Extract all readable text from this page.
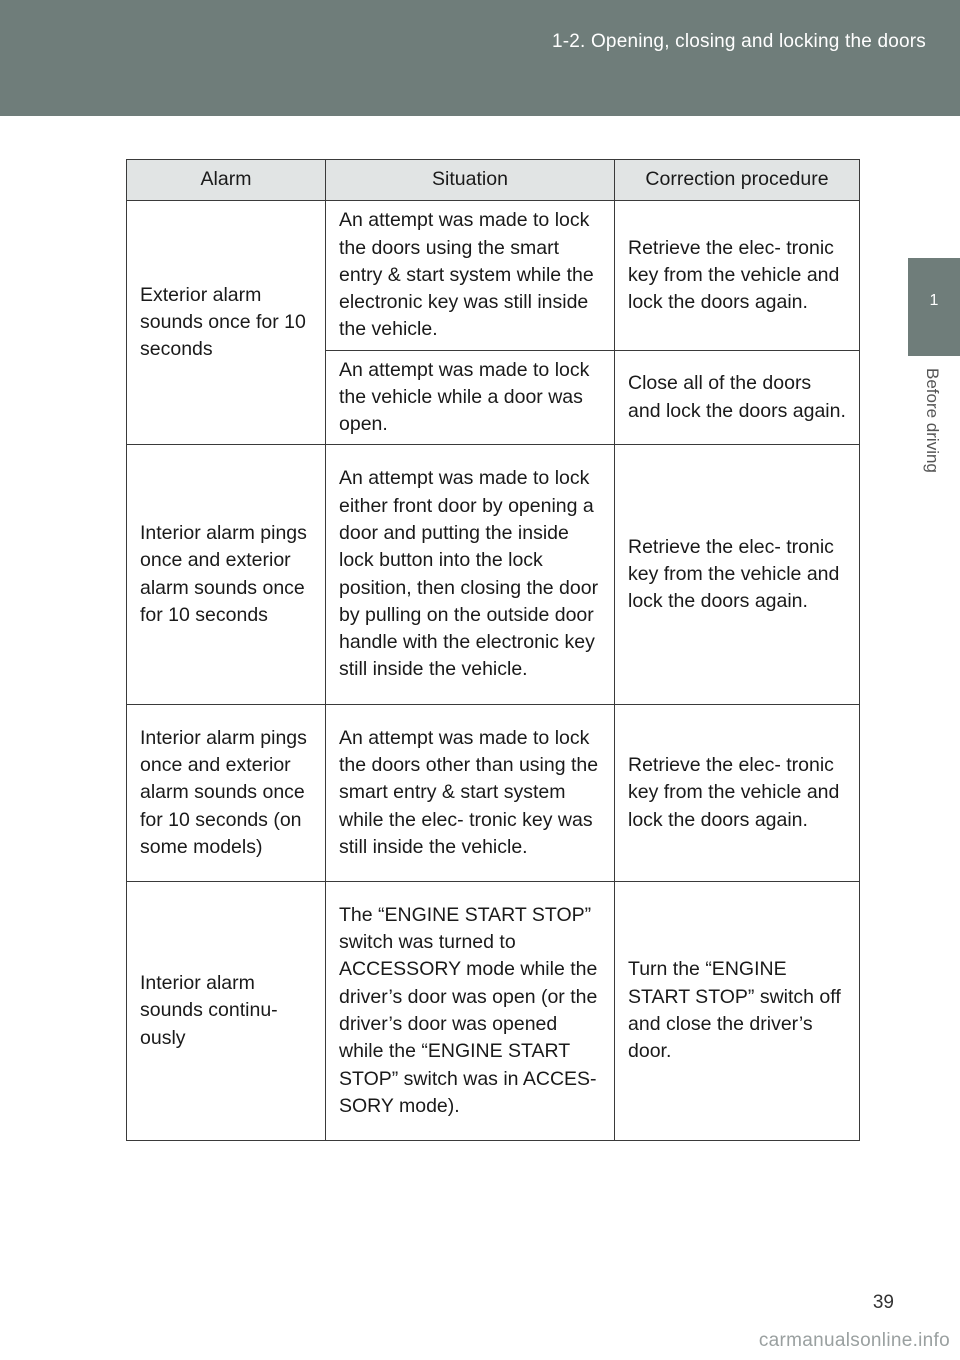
1-2. Opening, closing and locking the doors
1
Before driving
Alarm	Situation	Correction procedure
Exterior alarm sounds once for 10 seconds	An attempt was made to lock the doors using the smart entry & start system while the electronic key was still inside the vehicle.	Retrieve the elec- tronic key from the vehicle and lock the doors again.
	An attempt was made to lock the vehicle while a door was open.	Close all of the doors and lock the doors again.
Interior alarm pings once and exterior alarm sounds once for 10 seconds	An attempt was made to lock either front door by opening a door and putting the inside lock button into the lock position, then closing the door by pulling on the outside door handle with the electronic key still inside the vehicle.	Retrieve the elec- tronic key from the vehicle and lock the doors again.
Interior alarm pings once and exterior alarm sounds once for 10 seconds (on some models)	An attempt was made to lock the doors other than using the smart entry & start system while the elec- tronic key was still inside the vehicle.	Retrieve the elec- tronic key from the vehicle and lock the doors again.
Interior alarm sounds continu- ously	The “ENGINE START STOP” switch was turned to ACCESSORY mode while the driver’s door was open (or the driver’s door was opened while the “ENGINE START STOP” switch was in ACCES- SORY mode).	Turn the “ENGINE START STOP” switch off and close the driver’s door.
39
carmanualsonline.info
